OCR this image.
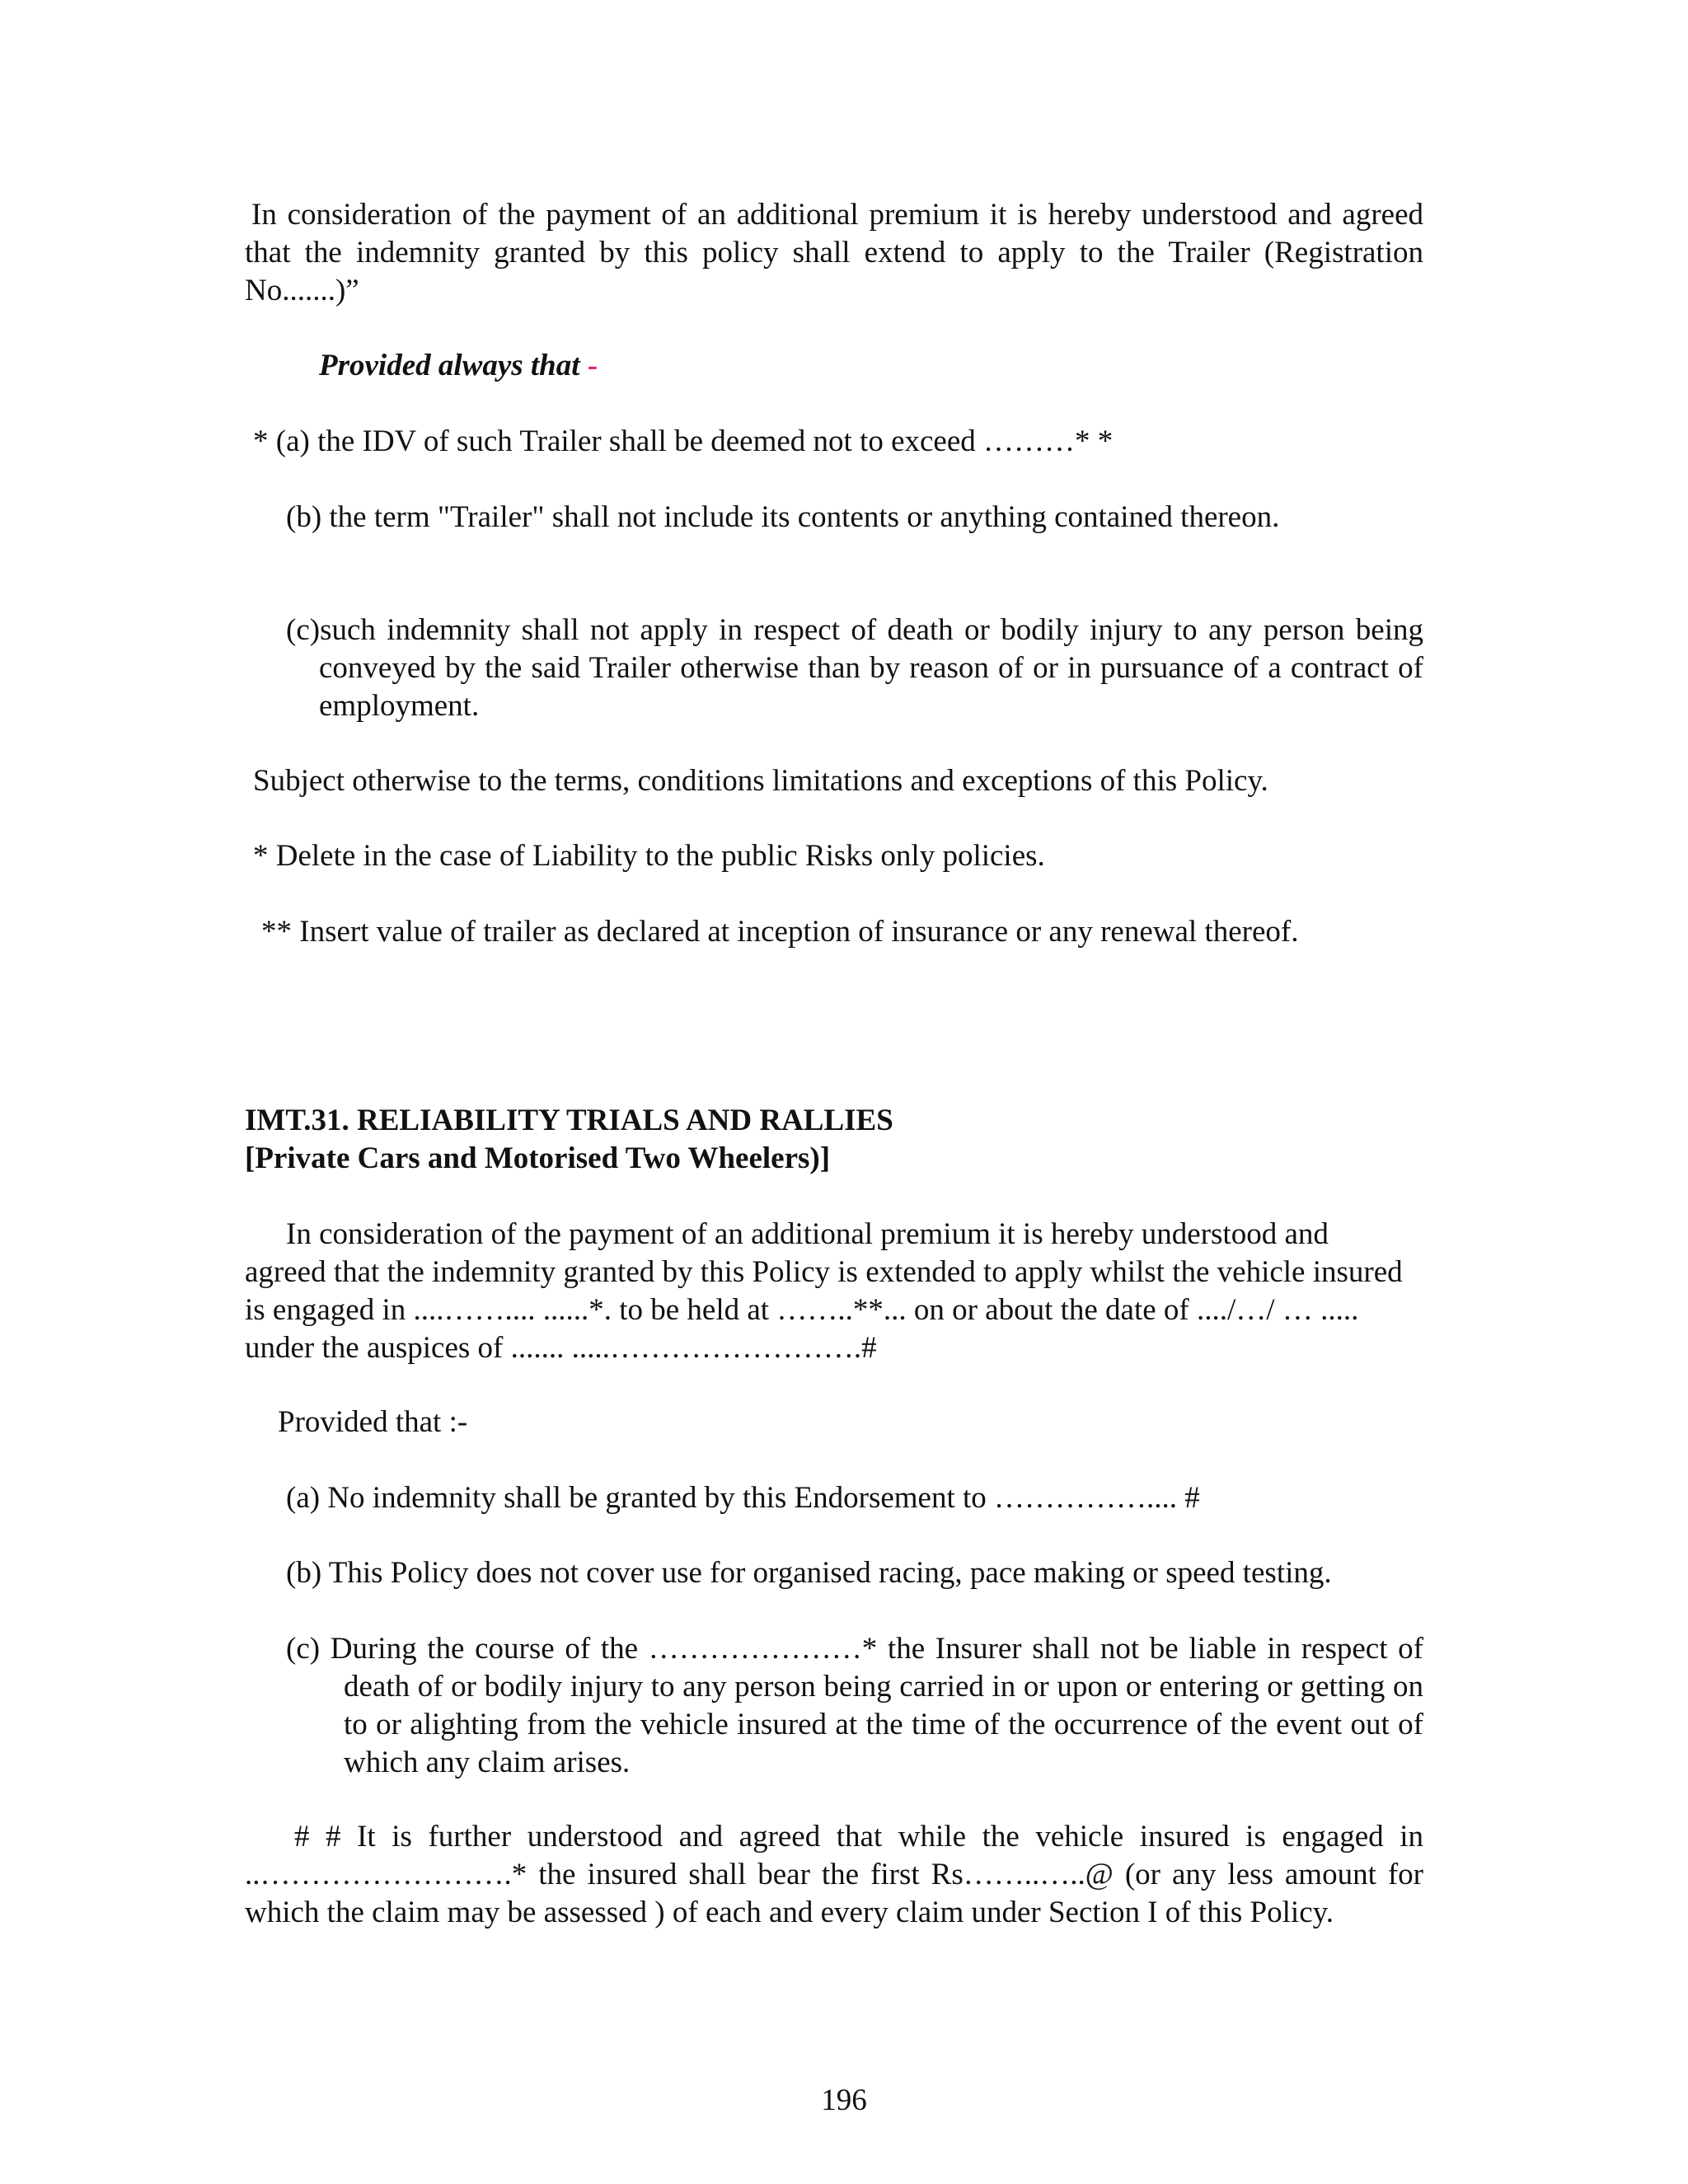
In consideration of the payment of an additional premium it is hereby understood and agreed that the indemnity granted by this policy shall extend to apply to the Trailer (Registration No.......)”

Provided always that -

* (a) the IDV of such Trailer shall be deemed not to exceed ………* *

(b) the term "Trailer" shall not include its contents or anything contained thereon.

(c)such indemnity shall not apply in respect of death or bodily injury to any person being conveyed by the said Trailer otherwise than by reason of or in pursuance of a contract of employment.

Subject otherwise to the terms, conditions limitations and exceptions of this Policy.

* Delete in the case of Liability to the public Risks only policies.

** Insert value of trailer as declared at inception of insurance or any renewal thereof.

IMT.31. RELIABILITY TRIALS AND RALLIES

[Private Cars and Motorised Two Wheelers)]

In consideration of the payment of an additional premium it is hereby understood and agreed that the indemnity granted by this Policy is extended to apply whilst the vehicle insured is engaged in ....…….... ......*. to be held at ……..**... on or about the date of ..../…/ … ..... under the auspices of ....... .....…………………….#

Provided that :-

(a) No indemnity shall be granted by this Endorsement to …………….... #

(b) This Policy does not cover use for organised racing, pace making or speed testing.

(c) During the course of the …………………* the Insurer shall not be liable in respect of death of or bodily injury to any person being carried in or upon or entering or getting on to or alighting from the vehicle insured at the time of the occurrence of the event out of which any claim arises.

# # It is further understood and agreed that while the vehicle insured is engaged in ..…………………….* the insured shall bear the first Rs……..…..@ (or any less amount for which the claim may be assessed ) of each and every claim under Section I of this Policy.

196
